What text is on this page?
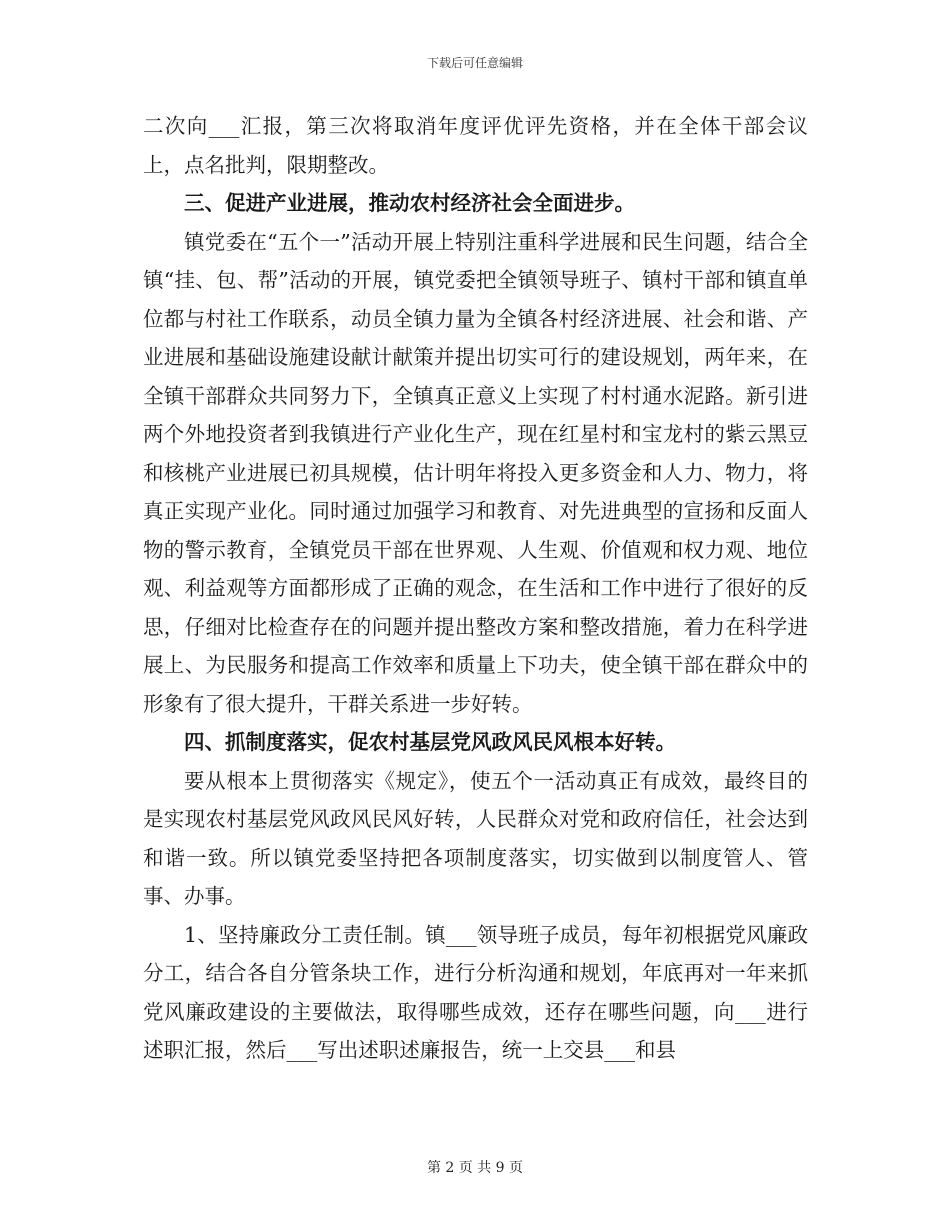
下载后可任意编辑

二次向___汇报，第三次将取消年度评优评先资格，并在全体干部会议上，点名批判，限期整改。

三、促进产业进展，推动农村经济社会全面进步。

镇党委在“五个一”活动开展上特别注重科学进展和民生问题，结合全镇“挂、包、帮”活动的开展，镇党委把全镇领导班子、镇村干部和镇直单位都与村社工作联系，动员全镇力量为全镇各村经济进展、社会和谐、产业进展和基础设施建设献计献策并提出切实可行的建设规划，两年来，在全镇干部群众共同努力下，全镇真正意义上实现了村村通水泥路。新引进两个外地投资者到我镇进行产业化生产，现在红星村和宝龙村的紫云黑豆和核桃产业进展已初具规模，估计明年将投入更多资金和人力、物力，将真正实现产业化。同时通过加强学习和教育、对先进典型的宣扬和反面人物的警示教育，全镇党员干部在世界观、人生观、价值观和权力观、地位观、利益观等方面都形成了正确的观念，在生活和工作中进行了很好的反思，仔细对比检查存在的问题并提出整改方案和整改措施，着力在科学进展上、为民服务和提高工作效率和质量上下功夫，使全镇干部在群众中的形象有了很大提升，干群关系进一步好转。

四、抓制度落实，促农村基层党风政风民风根本好转。

要从根本上贯彻落实《规定》，使五个一活动真正有成效，最终目的是实现农村基层党风政风民风好转，人民群众对党和政府信任，社会达到和谐一致。所以镇党委坚持把各项制度落实，切实做到以制度管人、管事、办事。

1、坚持廉政分工责任制。镇___领导班子成员，每年初根据党风廉政分工，结合各自分管条块工作，进行分析沟通和规划，年底再对一年来抓党风廉政建设的主要做法，取得哪些成效，还存在哪些问题，向___进行述职汇报，然后___写出述职述廉报告，统一上交县___和县

第 2 页 共 9 页
